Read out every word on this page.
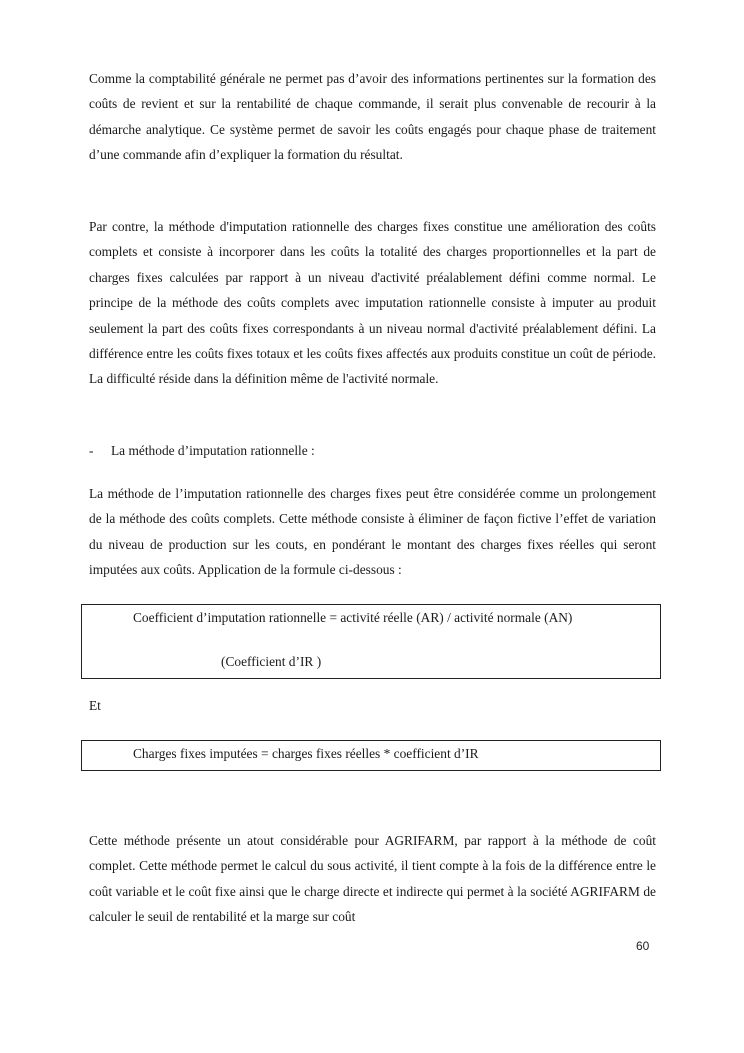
Comme la comptabilité générale ne permet pas d’avoir des informations pertinentes sur la formation des coûts de revient et sur la rentabilité de chaque commande, il serait plus convenable de recourir à la démarche analytique. Ce système permet de savoir les coûts engagés pour chaque phase de traitement d’une commande afin d’expliquer la formation du résultat.

Par contre, la méthode d'imputation rationnelle des charges fixes constitue une amélioration des coûts complets et consiste à incorporer dans les coûts la totalité des charges proportionnelles et la part de charges fixes calculées par rapport à un niveau d'activité préalablement défini comme normal. Le principe de la méthode des coûts complets avec imputation rationnelle consiste à imputer au produit seulement la part des coûts fixes correspondants à un niveau normal d'activité préalablement défini. La différence entre les coûts fixes totaux et les coûts fixes affectés aux produits constitue un coût de période. La difficulté réside dans la définition même de l'activité normale.

- La méthode d’imputation rationnelle :

La méthode de l’imputation rationnelle des charges fixes peut être considérée comme un prolongement de la méthode des coûts complets. Cette méthode consiste à éliminer de façon fictive l’effet de variation du niveau de production sur les couts, en pondérant le montant des charges fixes réelles qui seront imputées aux coûts. Application de la formule ci-dessous :

Coefficient d’imputation rationnelle = activité réelle (AR) / activité normale (AN)
(Coefficient d’IR )
Et
Charges fixes imputées = charges fixes réelles * coefficient d’IR

Cette méthode présente un atout considérable pour AGRIFARM, par rapport à la méthode de coût complet. Cette méthode permet le calcul du sous activité, il tient compte à la fois de la différence entre le coût variable et le coût fixe ainsi que le charge directe et indirecte qui permet à la société AGRIFARM de calculer le seuil de rentabilité et la marge sur coût

60
